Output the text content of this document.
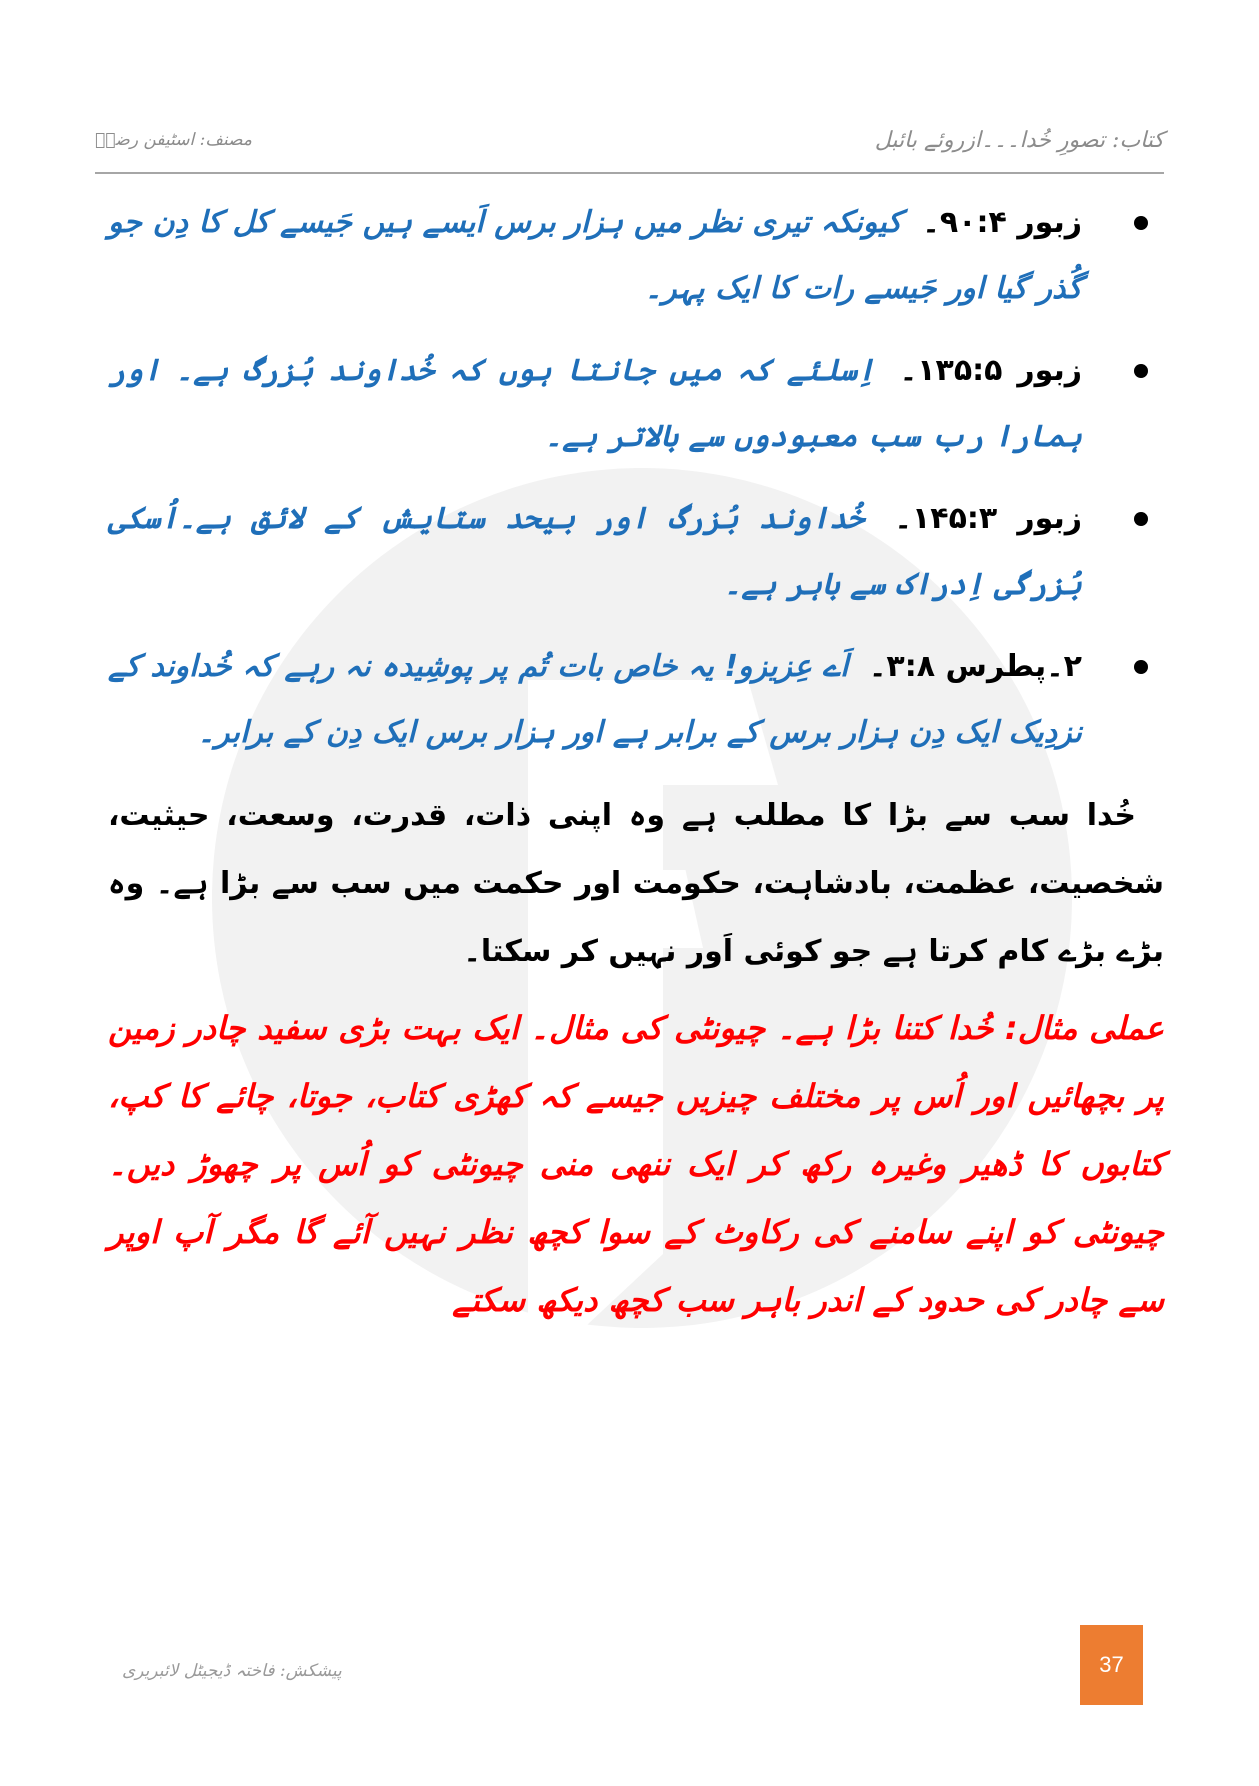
کتاب: تصورِ خُدا۔۔۔ازروئے بائبل
مصنف: اسٹیفن رضاؔ
زبور ۹۰:۴۔ کیونکہ تیری نظر میں ہزار برس اَیسے ہیں جَیسے کل کا دِن جو گُذر گیا اور جَیسے رات کا ایک پہر۔
زبور ۱۳۵:۵۔ اِسلئے کہ میں جانتا ہوں کہ خُداوند بُزرگ ہے۔ اور ہمارا رب سب معبودوں سے بالاتر ہے۔
زبور ۱۴۵:۳۔ خُداوند بُزرگ اور بیحد ستایش کے لائق ہے۔اُسکی بُزرگی اِدراک سے باہر ہے۔
۲۔پطرس ۳:۸۔ اَے عِزیزو! یہ خاص بات تُم پر پوشِیدہ نہ رہے کہ خُداوند کے نزدِیک ایک دِن ہزار برس کے برابر ہے اور ہزار برس ایک دِن کے برابر۔

خُدا سب سے بڑا کا مطلب ہے وہ اپنی ذات، قدرت، وسعت، حیثیت، شخصیت، عظمت، بادشاہت، حکومت اور حکمت میں سب سے بڑا ہے۔ وہ بڑے بڑے کام کرتا ہے جو کوئی اَور نہیں کر سکتا۔

عملی مثال: خُدا کتنا بڑا ہے۔ چیونٹی کی مثال۔ ایک بہت بڑی سفید چادر زمین پر بچھائیں اور اُس پر مختلف چیزیں جیسے کہ کھڑی کتاب، جوتا، چائے کا کپ، کتابوں کا ڈھیر وغیرہ رکھ کر ایک ننھی منی چیونٹی کو اُس پر چھوڑ دیں۔ چیونٹی کو اپنے سامنے کی رکاوٹ کے سوا کچھ نظر نہیں آئے گا مگر آپ اوپر سے چادر کی حدود کے اندر باہر سب کچھ دیکھ سکتے

پیشکش: فاختہ ڈیجیٹل لائبریری	37
